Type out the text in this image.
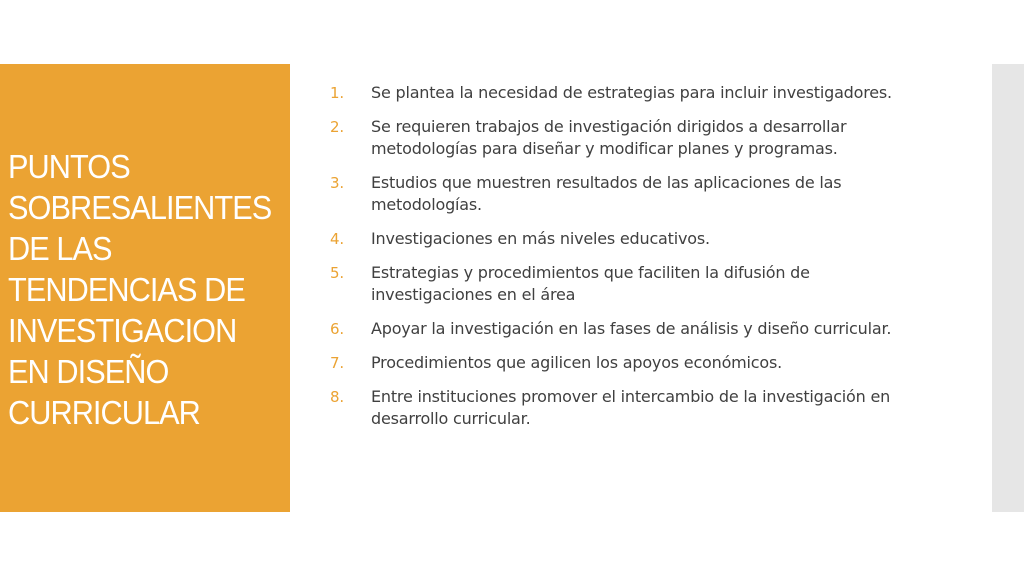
PUNTOS SOBRESALIENTES DE LAS TENDENCIAS DE INVESTIGACION EN DISEÑO CURRICULAR
1. Se plantea la necesidad de estrategias para incluir investigadores.
2. Se requieren trabajos de investigación dirigidos a desarrollar metodologías para diseñar y modificar planes y programas.
3. Estudios que muestren resultados de las aplicaciones de las metodologías.
4. Investigaciones en más niveles educativos.
5. Estrategias y procedimientos que faciliten la difusión de investigaciones en el área
6. Apoyar la investigación en las fases de análisis y diseño curricular.
7. Procedimientos que agilicen los apoyos económicos.
8. Entre instituciones promover el intercambio de la investigación en desarrollo curricular.
